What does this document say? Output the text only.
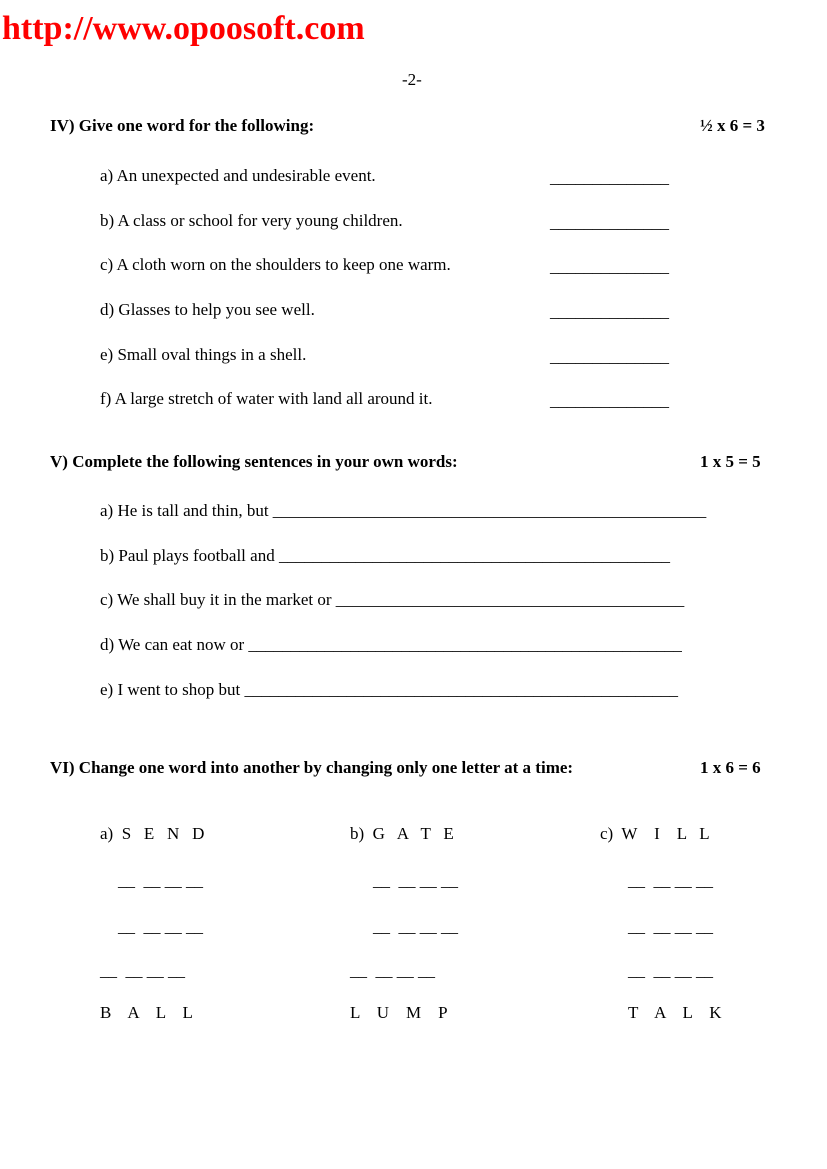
http://www.opoosoft.com
-2-
IV) Give one word for the following:	½ x 6 = 3
a) An unexpected and undesirable event.	______________
b) A class or school for very young children.	______________
c) A cloth worn on the shoulders to keep one warm.	______________
d) Glasses to help you see well.	______________
e) Small oval things in a shell.	______________
f) A large stretch of water with land all around it.	______________
V) Complete the following sentences in your own words:	1 x 5 = 5
a) He is tall and thin, but ___________________________________________________
b) Paul plays football and ______________________________________________
c) We shall buy it in the market or _________________________________________
d) We can eat now or ___________________________________________________
e) I went to shop but ___________________________________________________
VI) Change one word into another by changing only one letter at a time:	1 x 6 = 6
a)  S   E   N   D
__  __ __ __
__  __ __ __
__  __ __ __
B    A    L    L
b)  G   A   T   E
__  __ __ __
__  __ __ __
__  __ __ __
L    U    M    P
c)  W    I    L   L
__  __ __ __
__  __ __ __
__  __ __ __
T    A    L    K
